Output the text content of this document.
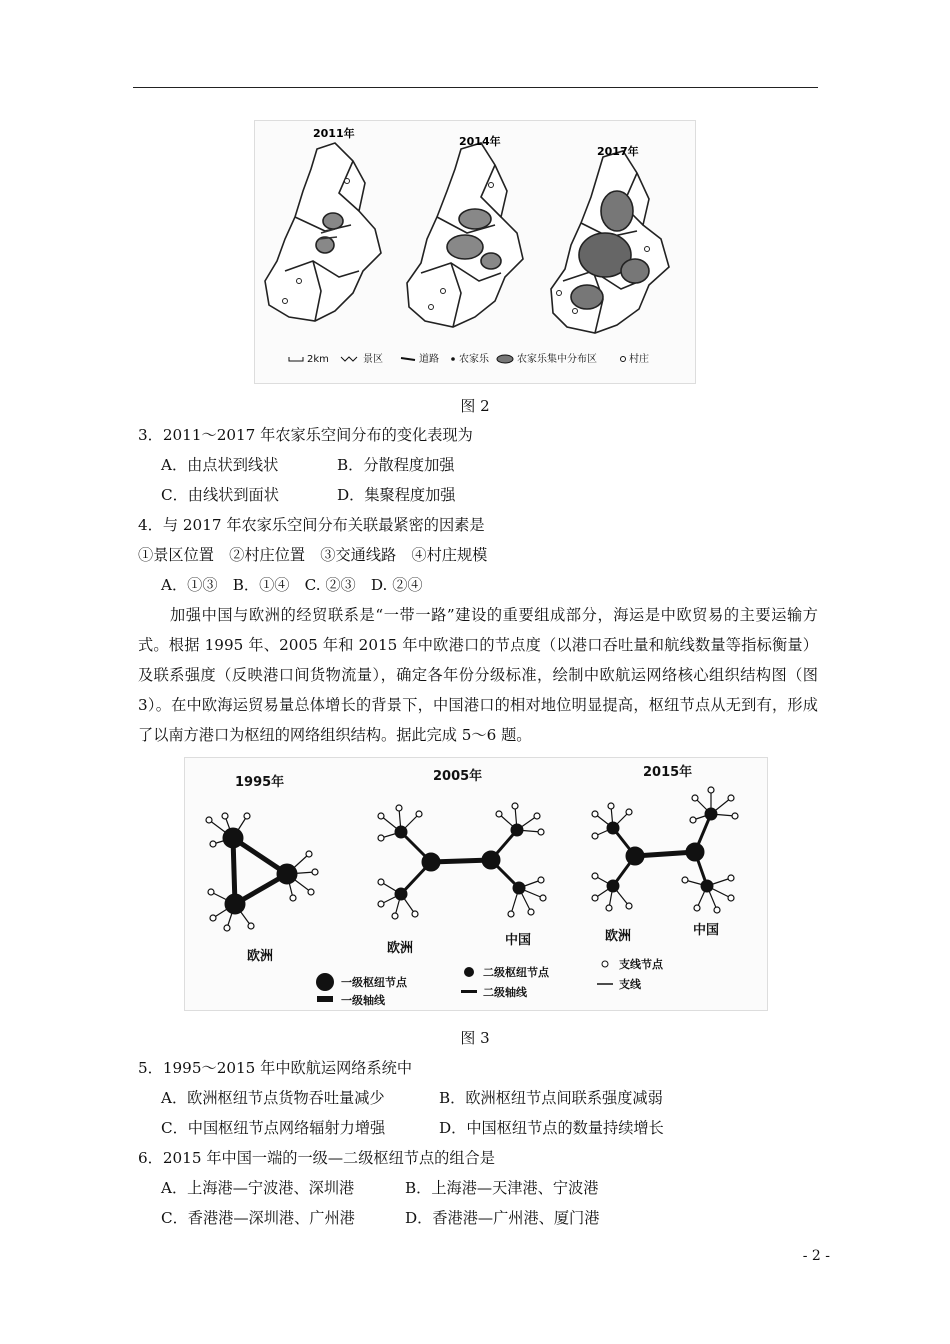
2011年
2014年
2017年
2km	景区	道路 农家乐	农家乐集中分布区	村庄
图 2
3．2011～2017 年农家乐空间分布的变化表现为
A．由点状到线状	B．分散程度加强
C．由线状到面状	D．集聚程度加强
4．与 2017 年农家乐空间分布关联最紧密的因素是
①景区位置　②村庄位置　③交通线路　④村庄规模
A．①③　B．①④　C. ②③　D. ②④
加强中国与欧洲的经贸联系是“一带一路”建设的重要组成部分，海运是中欧贸易的主要运输方式。根据 1995 年、2005 年和 2015 年中欧港口的节点度（以港口吞吐量和航线数量等指标衡量）及联系强度（反映港口间货物流量），确定各年份分级标准，绘制中欧航运网络核心组织结构图（图 3）。在中欧海运贸易量总体增长的背景下，中国港口的相对地位明显提高，枢纽节点从无到有，形成了以南方港口为枢纽的网络组织结构。据此完成 5～6 题。
1995年	2005年	2015年
欧洲
欧洲
中国	欧洲	中国
一级枢纽节点
一级轴线
二级枢纽节点
二级轴线
支线节点
支线
图 3
5．1995～2015 年中欧航运网络系统中
A．欧洲枢纽节点货物吞吐量减少	B．欧洲枢纽节点间联系强度减弱
C．中国枢纽节点网络辐射力增强	D．中国枢纽节点的数量持续增长
6．2015 年中国一端的一级—二级枢纽节点的组合是
A．上海港—宁波港、深圳港	B．上海港—天津港、宁波港
C．香港港—深圳港、广州港	D．香港港—广州港、厦门港
- 2 -
